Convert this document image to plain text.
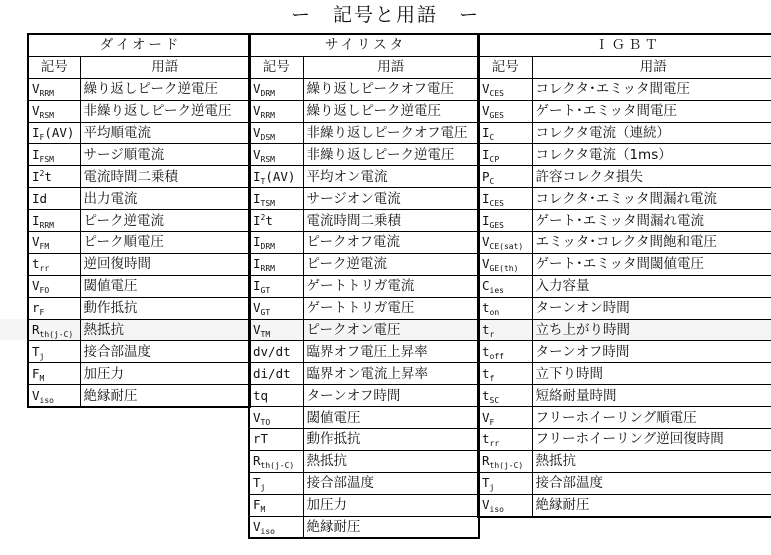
ー　記号と用語　ー
ダイオード	
記号	用語
$V_{RRM}$	繰り返しピーク逆電圧
$V_{RSM}$	非繰り返しピーク逆電圧
$I_F(AV)$	平均順電流
$I_{FSM}$	サージ順電流
$I^2t$	電流時間二乗積
Id	出力電流
$I_{RRM}$	ピーク逆電流
$V_{FM}$	ピーク順電圧
$t_{rr}$	逆回復時間
$V_{FO}$	閾値電圧
$r_F$	動作抵抗
$R_{th(j-C)}$	熱抵抗
$T_j$	接合部温度
$F_M$	加圧力
$V_{iso}$	絶縁耐圧
サイリスタ	
記号	用語
$V_{DRM}$	繰り返しピークオフ電圧
$V_{RRM}$	繰り返しピーク逆電圧
$V_{DSM}$	非繰り返しピークオフ電圧
$V_{RSM}$	非繰り返しピーク逆電圧
$I_T(AV)$	平均オン電流
$I_{TSM}$	サージオン電流
$I^2t$	電流時間二乗積
$I_{DRM}$	ピークオフ電流
$I_{RRM}$	ピーク逆電流
$I_{GT}$	ゲートトリガ電流
$V_{GT}$	ゲートトリガ電圧
$V_{TM}$	ピークオン電圧
dv/dt	臨界オフ電圧上昇率
di/dt	臨界オン電流上昇率
tq	ターンオフ時間
$V_{TO}$	閾値電圧
rT	動作抵抗
$R_{th(j-C)}$	熱抵抗
$T_j$	接合部温度
$F_M$	加圧力
$V_{iso}$	絶縁耐圧
ＩＧＢＴ	
記号	用語
$V_{CES}$	コレクタ･エミッタ間電圧
$V_{GES}$	ゲート･エミッタ間電圧
$I_C$	コレクタ電流（連続）
$I_{CP}$	コレクタ電流（1ms）
$P_C$	許容コレクタ損失
$I_{CES}$	コレクタ･エミッタ間漏れ電流
$I_{GES}$	ゲート･エミッタ間漏れ電流
$V_{CE(sat)}$	エミッタ･コレクタ間飽和電圧
$V_{GE(th)}$	ゲート･エミッタ間閾値電圧
$C_{ies}$	入力容量
$t_{on}$	ターンオン時間
$t_r$	立ち上がり時間
$t_{off}$	ターンオフ時間
$t_f$	立下り時間
$t_{SC}$	短絡耐量時間
$V_F$	フリーホイーリング順電圧
$t_{rr}$	フリーホイーリング逆回復時間
$R_{th(j-C)}$	熱抵抗
$T_j$	接合部温度
$V_{iso}$	絶縁耐圧
